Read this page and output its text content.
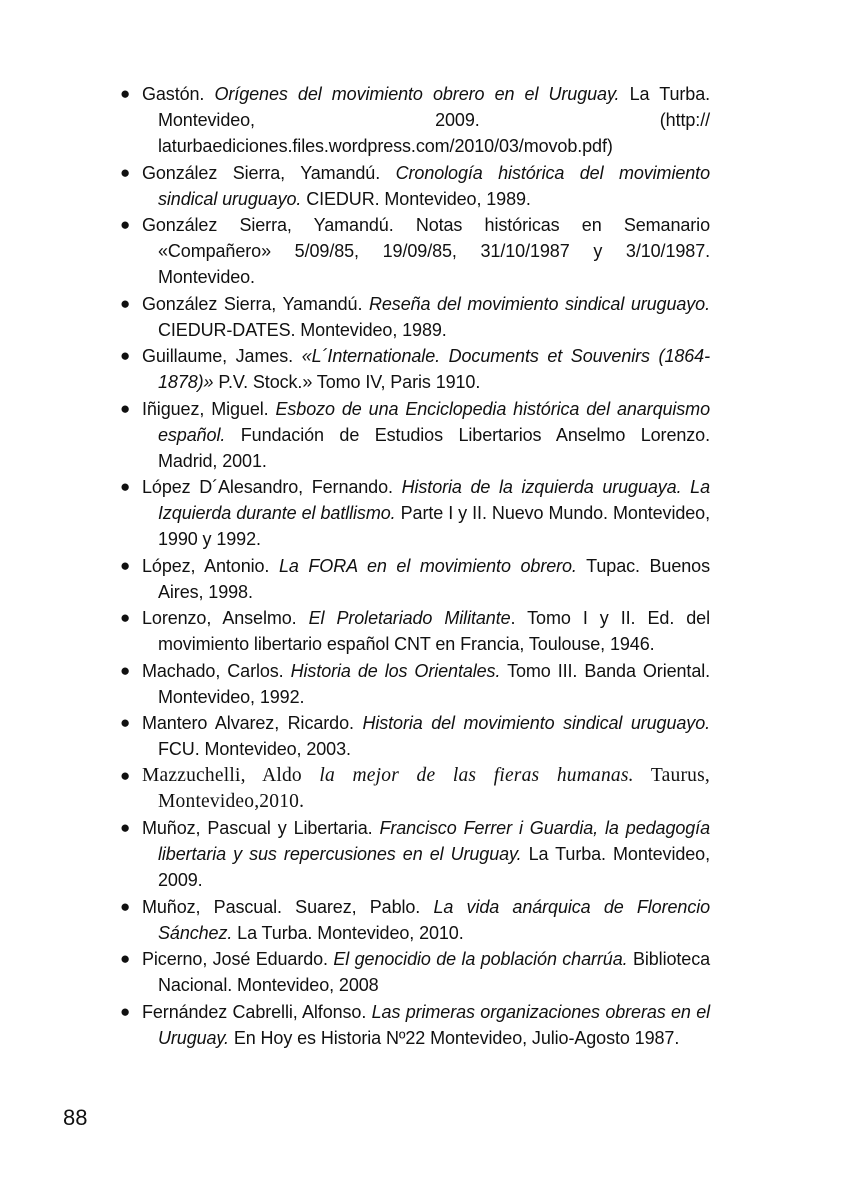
● Gastón. Orígenes del movimiento obrero en el Uruguay. La Turba. Montevideo, 2009. (http:// laturbaediciones.files.wordpress.com/2010/03/movob.pdf)
● González Sierra, Yamandú. Cronología histórica del movimiento sindical uruguayo. CIEDUR. Montevideo, 1989.
● González Sierra, Yamandú. Notas históricas en Semanario «Compañero» 5/09/85, 19/09/85, 31/10/1987 y 3/10/1987. Montevideo.
● González Sierra, Yamandú. Reseña del movimiento sindical uruguayo. CIEDUR-DATES. Montevideo, 1989.
● Guillaume, James. «L´Internationale. Documents et Souvenirs (1864-1878)» P.V. Stock.» Tomo IV, Paris 1910.
● Iñiguez, Miguel. Esbozo de una Enciclopedia histórica del anarquismo español. Fundación de Estudios Libertarios Anselmo Lorenzo. Madrid, 2001.
● López D´Alesandro, Fernando. Historia de la izquierda uruguaya. La Izquierda durante el batllismo. Parte I y II. Nuevo Mundo. Montevideo, 1990 y 1992.
● López, Antonio. La FORA en el movimiento obrero. Tupac. Buenos Aires, 1998.
● Lorenzo, Anselmo. El Proletariado Militante. Tomo I y II. Ed. del movimiento libertario español CNT en Francia, Toulouse, 1946.
● Machado, Carlos. Historia de los Orientales. Tomo III. Banda Oriental. Montevideo, 1992.
● Mantero Alvarez, Ricardo. Historia del movimiento sindical uruguayo. FCU. Montevideo, 2003.
● Mazzuchelli, Aldo la mejor de las fieras humanas. Taurus, Montevideo,2010.
● Muñoz, Pascual y Libertaria. Francisco Ferrer i Guardia, la pedagogía libertaria y sus repercusiones en el Uruguay. La Turba. Montevideo, 2009.
● Muñoz, Pascual. Suarez, Pablo. La vida anárquica de Florencio Sánchez. La Turba. Montevideo, 2010.
● Picerno, José Eduardo. El genocidio de la población charrúa. Biblioteca Nacional. Montevideo, 2008
● Fernández Cabrelli, Alfonso. Las primeras organizaciones obreras en el Uruguay. En Hoy es Historia Nº22 Montevideo, Julio-Agosto 1987.
88
